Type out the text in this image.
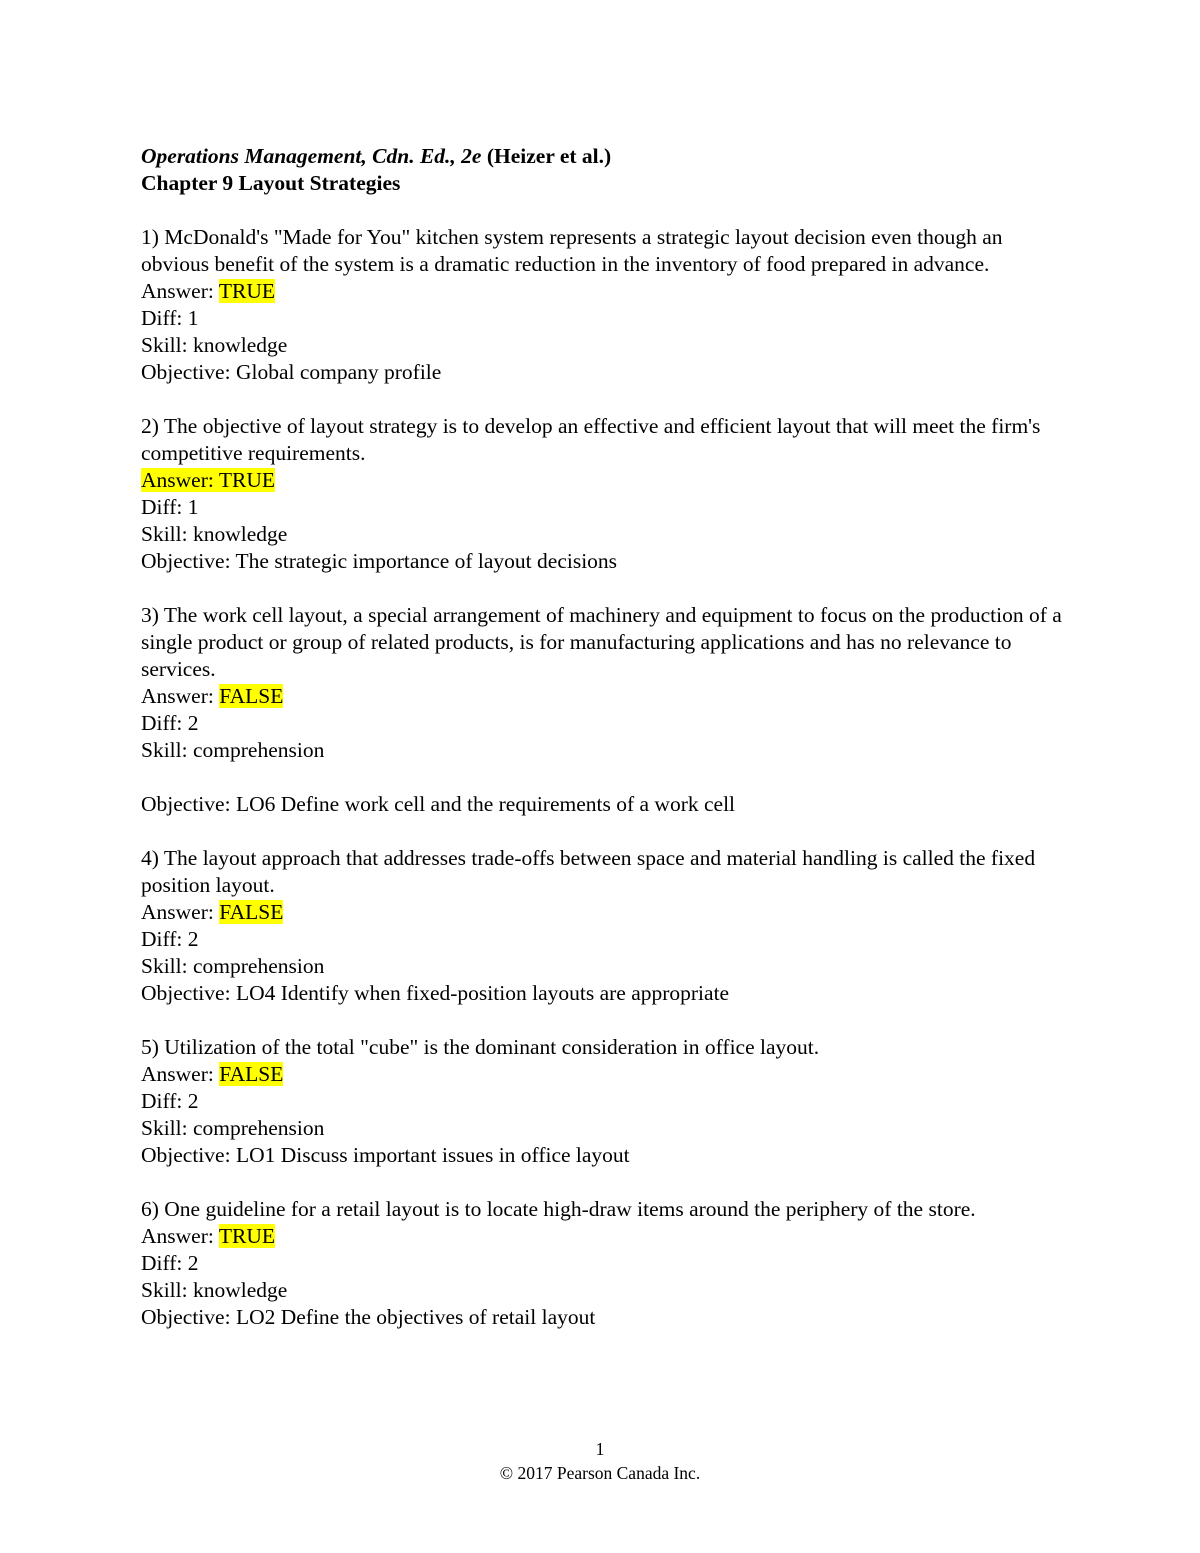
Operations Management, Cdn. Ed., 2e (Heizer et al.)
Chapter 9 Layout Strategies
1) McDonald's "Made for You" kitchen system represents a strategic layout decision even though an obvious benefit of the system is a dramatic reduction in the inventory of food prepared in advance.
Answer: TRUE
Diff: 1
Skill: knowledge
Objective: Global company profile
2) The objective of layout strategy is to develop an effective and efficient layout that will meet the firm's competitive requirements.
Answer: TRUE
Diff: 1
Skill: knowledge
Objective: The strategic importance of layout decisions
3) The work cell layout, a special arrangement of machinery and equipment to focus on the production of a single product or group of related products, is for manufacturing applications and has no relevance to services.
Answer: FALSE
Diff: 2
Skill: comprehension
Objective: LO6 Define work cell and the requirements of a work cell
4) The layout approach that addresses trade-offs between space and material handling is called the fixed position layout.
Answer: FALSE
Diff: 2
Skill: comprehension
Objective: LO4 Identify when fixed-position layouts are appropriate
5) Utilization of the total "cube" is the dominant consideration in office layout.
Answer: FALSE
Diff: 2
Skill: comprehension
Objective: LO1 Discuss important issues in office layout
6) One guideline for a retail layout is to locate high-draw items around the periphery of the store.
Answer: TRUE
Diff: 2
Skill: knowledge
Objective: LO2 Define the objectives of retail layout
1
© 2017 Pearson Canada Inc.
